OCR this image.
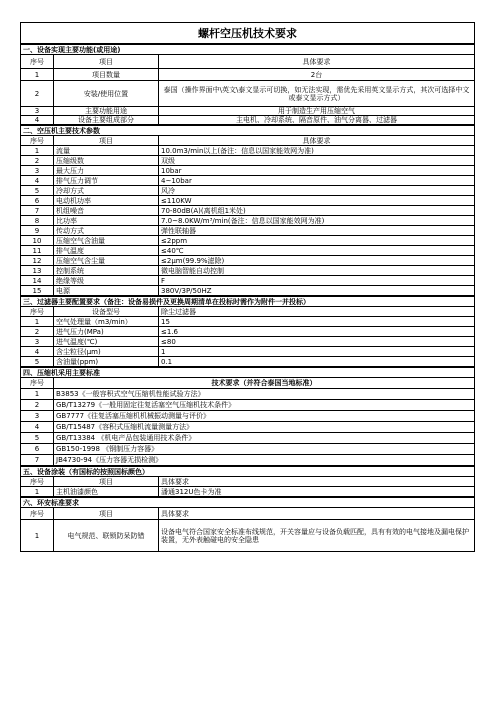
螺杆空压机技术要求
一、设备实现主要功能(或用途)		
序号	项目	具体要求
1	项目数量	2台
2	安装/使用位置	泰国（操作界面中\英文\泰文显示可切换，如无法实现，需优先采用英文显示方式，其次可选择中文或泰文显示方式）
3	主要功能用途	用于制造生产用压缩空气
4	设备主要组成部分	主电机、冷却系统、隔音原件、油气分离器、过滤器
二、空压机主要技术参数		
序号	项目	具体要求
1	流量	10.0m3/min以上(备注：信息以国家能效网为准)
2	压缩级数	双级
3	最大压力	10bar
4	排气压力调节	4~10bar
5	冷却方式	风冷
6	电动机功率	≤110KW
7	机组噪音	70-80dB(A)(离机组1米处)
8	比功率	7.0~8.0KW/m³/min(备注：信息以国家能效网为准)
9	传动方式	弹性联轴器
10	压缩空气含油量	≤2ppm
11	排气温度	≤40℃
12	压缩空气含尘量	≤2μm(99.9%滤除)
13	控制系统	微电脑智能自动控制
14	绝缘等级	F
15	电源	380V/3P/50HZ
三、过滤器主要配置要求（备注：设备易损件及更换周期清单在投标时需作为附件一并投标）		
序号	设备型号	除尘过滤器
1	空气处理量（m3/min）	15
2	进气压力(MPa)	≤1.6
3	进气温度(℃)	≤80
4	含尘粒径(μm)	1
5	含油量(ppm)	0.1
四、压缩机采用主要标准	
序号	技术要求（并符合泰国当地标准）
1	B3853《一般容积式空气压缩机性能试验方法》
2	GB/T13279《一般用固定往复活塞空气压缩机技术条件》
3	GB7777《往复活塞压缩机机械振动测量与评价》
4	GB/T15487《容积式压缩机流量测量方法》
5	GB/T13384 《机电产品包装通用技术条件》
6	GB150-1998 《钢制压力容器》
7	JB4730-94《压力容器无损检测》
五、设备涂装（有国标的按照国标颜色）		
序号	项目	具体要求
1	主机油漆颜色	潘通312U色卡为准
六、环安标准要求		
序号	项目	具体要求
1	电气规范、联锁防呆防错	设备电气符合国家安全标准布线规范，开关容量应与设备负载匹配，具有有效的电气接地及漏电保护装置，无外表触碰电的安全隐患
